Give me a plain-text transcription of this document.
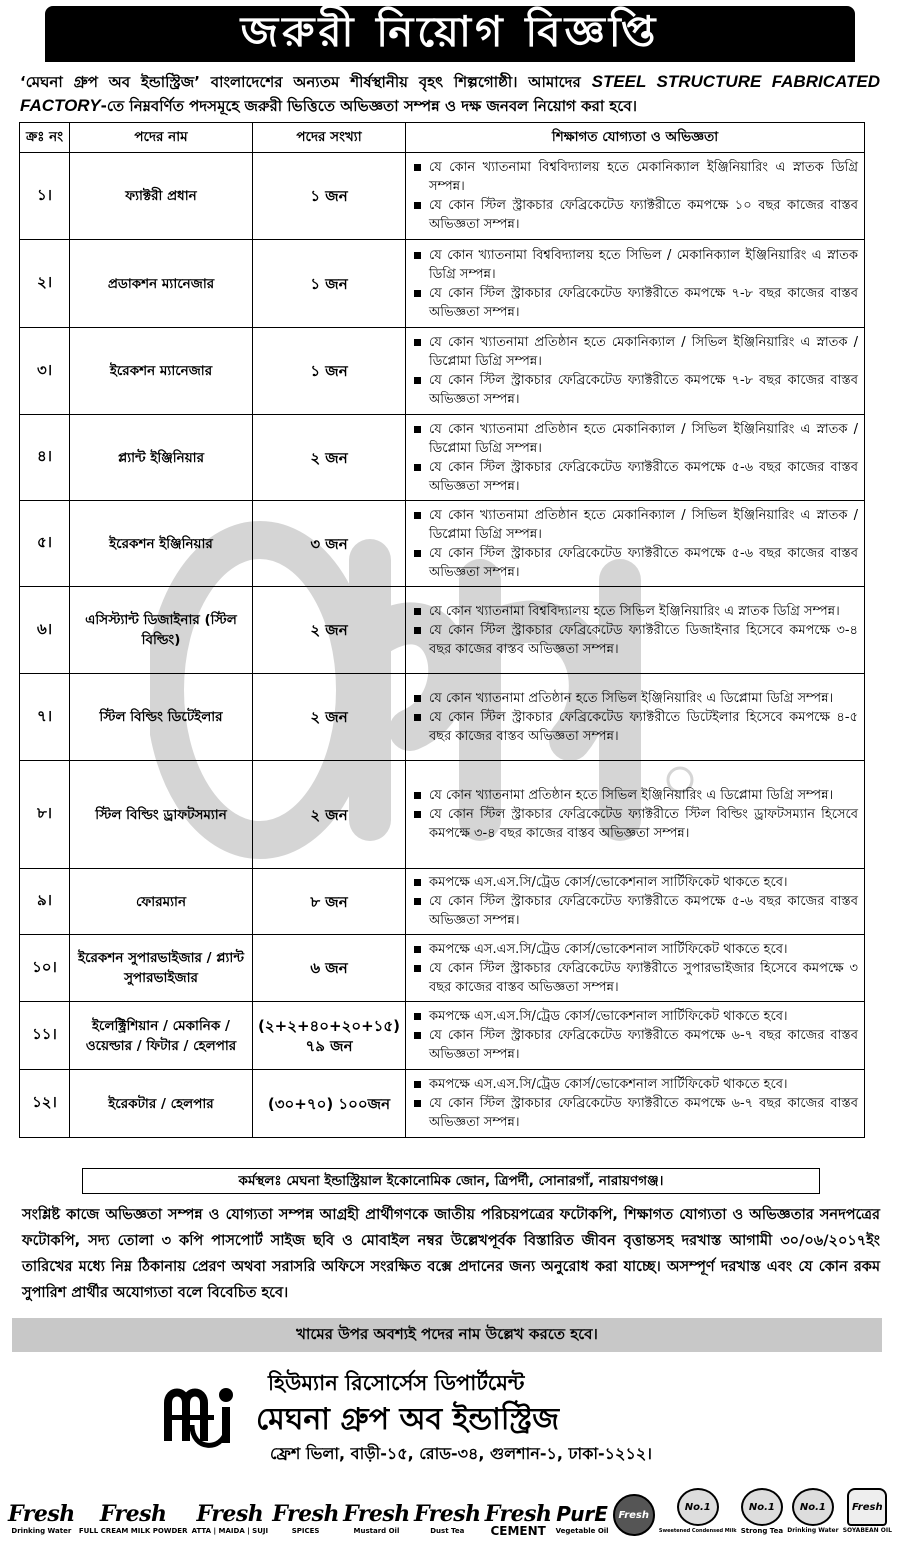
জরুরী নিয়োগ বিজ্ঞপ্তি
‘মেঘনা গ্রুপ অব ইন্ডাস্ট্রিজ’ বাংলাদেশের অন্যতম শীর্ষস্থানীয় বৃহৎ শিল্পগোষ্ঠী। আমাদের STEEL STRUCTURE FABRICATED FACTORY-তে নিম্নবর্ণিত পদসমূহে জরুরী ভিত্তিতে অভিজ্ঞতা সম্পন্ন ও দক্ষ জনবল নিয়োগ করা হবে।
ক্রঃ নং	পদের নাম	পদের সংখ্যা	শিক্ষাগত যোগ্যতা ও অভিজ্ঞতা
১।	ফ্যাক্টরী প্রধান	১ জন	যে কোন খ্যাতনামা বিশ্ববিদ্যালয় হতে মেকানিক্যাল ইঞ্জিনিয়ারিং এ স্নাতক ডিগ্রি সম্পন্ন।
যে কোন স্টিল স্ট্রাকচার ফেব্রিকেটেড ফ্যাক্টরীতে কমপক্ষে ১০ বছর কাজের বাস্তব অভিজ্ঞতা সম্পন্ন।

২।	প্রডাকশন ম্যানেজার	১ জন	যে কোন খ্যাতনামা বিশ্ববিদ্যালয় হতে সিভিল / মেকানিক্যাল ইঞ্জিনিয়ারিং এ স্নাতক ডিগ্রি সম্পন্ন।
যে কোন স্টিল স্ট্রাকচার ফেব্রিকেটেড ফ্যাক্টরীতে কমপক্ষে ৭-৮ বছর কাজের বাস্তব অভিজ্ঞতা সম্পন্ন।

৩।	ইরেকশন ম্যানেজার	১ জন	যে কোন খ্যাতনামা প্রতিষ্ঠান হতে মেকানিক্যাল / সিভিল ইঞ্জিনিয়ারিং এ স্নাতক / ডিপ্লোমা ডিগ্রি সম্পন্ন।
যে কোন স্টিল স্ট্রাকচার ফেব্রিকেটেড ফ্যাক্টরীতে কমপক্ষে ৭-৮ বছর কাজের বাস্তব অভিজ্ঞতা সম্পন্ন।

৪।	প্ল্যান্ট ইঞ্জিনিয়ার	২ জন	যে কোন খ্যাতনামা প্রতিষ্ঠান হতে মেকানিক্যাল / সিভিল ইঞ্জিনিয়ারিং এ স্নাতক / ডিপ্লোমা ডিগ্রি সম্পন্ন।
যে কোন স্টিল স্ট্রাকচার ফেব্রিকেটেড ফ্যাক্টরীতে কমপক্ষে ৫-৬ বছর কাজের বাস্তব অভিজ্ঞতা সম্পন্ন।

৫।	ইরেকশন ইঞ্জিনিয়ার	৩ জন	যে কোন খ্যাতনামা প্রতিষ্ঠান হতে মেকানিক্যাল / সিভিল ইঞ্জিনিয়ারিং এ স্নাতক / ডিপ্লোমা ডিগ্রি সম্পন্ন।
যে কোন স্টিল স্ট্রাকচার ফেব্রিকেটেড ফ্যাক্টরীতে কমপক্ষে ৫-৬ বছর কাজের বাস্তব অভিজ্ঞতা সম্পন্ন।

৬।	এসিস্ট্যান্ট ডিজাইনার (স্টিল বিল্ডিং)	২ জন	যে কোন খ্যাতনামা বিশ্ববিদ্যালয় হতে সিভিল ইঞ্জিনিয়ারিং এ স্নাতক ডিগ্রি সম্পন্ন।
যে কোন স্টিল স্ট্রাকচার ফেব্রিকেটেড ফ্যাক্টরীতে ডিজাইনার হিসেবে কমপক্ষে ৩-৪ বছর কাজের বাস্তব অভিজ্ঞতা সম্পন্ন।

৭।	স্টিল বিল্ডিং ডিটেইলার	২ জন	যে কোন খ্যাতনামা প্রতিষ্ঠান হতে সিভিল ইঞ্জিনিয়ারিং এ ডিপ্লোমা ডিগ্রি সম্পন্ন।
যে কোন স্টিল স্ট্রাকচার ফেব্রিকেটেড ফ্যাক্টরীতে ডিটেইলার হিসেবে কমপক্ষে ৪-৫ বছর কাজের বাস্তব অভিজ্ঞতা সম্পন্ন।

৮।	স্টিল বিল্ডিং ড্রাফটসম্যান	২ জন	যে কোন খ্যাতনামা প্রতিষ্ঠান হতে সিভিল ইঞ্জিনিয়ারিং এ ডিপ্লোমা ডিগ্রি সম্পন্ন।
যে কোন স্টিল স্ট্রাকচার ফেব্রিকেটেড ফ্যাক্টরীতে স্টিল বিল্ডিং ড্রাফটসম্যান হিসেবে কমপক্ষে ৩-৪ বছর কাজের বাস্তব অভিজ্ঞতা সম্পন্ন।

৯।	ফোরম্যান	৮ জন	কমপক্ষে এস.এস.সি/ট্রেড কোর্স/ভোকেশনাল সার্টিফিকেট থাকতে হবে।
যে কোন স্টিল স্ট্রাকচার ফেব্রিকেটেড ফ্যাক্টরীতে কমপক্ষে ৫-৬ বছর কাজের বাস্তব অভিজ্ঞতা সম্পন্ন।

১০।	ইরেকশন সুপারভাইজার / প্ল্যান্ট সুপারভাইজার	৬ জন	কমপক্ষে এস.এস.সি/ট্রেড কোর্স/ভোকেশনাল সার্টিফিকেট থাকতে হবে।
যে কোন স্টিল স্ট্রাকচার ফেব্রিকেটেড ফ্যাক্টরীতে সুপারভাইজার হিসেবে কমপক্ষে ৩ বছর কাজের বাস্তব অভিজ্ঞতা সম্পন্ন।

১১।	ইলেক্ট্রিশিয়ান / মেকানিক / ওয়েল্ডার / ফিটার / হেলপার	(২+২+৪০+২০+১৫) ৭৯ জন	কমপক্ষে এস.এস.সি/ট্রেড কোর্স/ভোকেশনাল সার্টিফিকেট থাকতে হবে।
যে কোন স্টিল স্ট্রাকচার ফেব্রিকেটেড ফ্যাক্টরীতে কমপক্ষে ৬-৭ বছর কাজের বাস্তব অভিজ্ঞতা সম্পন্ন।

১২।	ইরেকটার / হেলপার	(৩০+৭০) ১০০জন	কমপক্ষে এস.এস.সি/ট্রেড কোর্স/ভোকেশনাল সার্টিফিকেট থাকতে হবে।
যে কোন স্টিল স্ট্রাকচার ফেব্রিকেটেড ফ্যাক্টরীতে কমপক্ষে ৬-৭ বছর কাজের বাস্তব অভিজ্ঞতা সম্পন্ন।
কর্মস্থলঃ মেঘনা ইন্ডাস্ট্রিয়াল ইকোনোমিক জোন, ত্রিপর্দী, সোনারগাঁ, নারায়ণগঞ্জ।
সংশ্লিষ্ট কাজে অভিজ্ঞতা সম্পন্ন ও যোগ্যতা সম্পন্ন আগ্রহী প্রার্থীগণকে জাতীয় পরিচয়পত্রের ফটোকপি, শিক্ষাগত যোগ্যতা ও অভিজ্ঞতার সনদপত্রের ফটোকপি, সদ্য তোলা ৩ কপি পাসপোর্ট সাইজ ছবি ও মোবাইল নম্বর উল্লেখপূর্বক বিস্তারিত জীবন বৃত্তান্তসহ দরখাস্ত আগামী ৩০/০৬/২০১৭ইং তারিখের মধ্যে নিম্ন ঠিকানায় প্রেরণ অথবা সরাসরি অফিসে সংরক্ষিত বক্সে প্রদানের জন্য অনুরোধ করা যাচ্ছে। অসম্পূর্ণ দরখাস্ত এবং যে কোন রকম সুপারিশ প্রার্থীর অযোগ্যতা বলে বিবেচিত হবে।
খামের উপর অবশ্যই পদের নাম উল্লেখ করতে হবে।
হিউম্যান রিসোর্সেস ডিপার্টমেন্ট
মেঘনা গ্রুপ অব ইন্ডাস্ট্রিজ
ফ্রেশ ভিলা, বাড়ী-১৫, রোড-৩৪, গুলশান-১, ঢাকা-১২১২।
Fresh
Drinking Water
Fresh
FULL CREAM MILK POWDER
Fresh
ATTA | MAIDA | SUJI
Fresh
SPICES
Fresh
Mustard Oil
Fresh
Dust Tea
Fresh
CEMENT
PurE
Vegetable Oil
Fresh
No.1
Sweetened Condensed Milk
No.1
Strong Tea
No.1
Drinking Water
Fresh
SOYABEAN OIL
